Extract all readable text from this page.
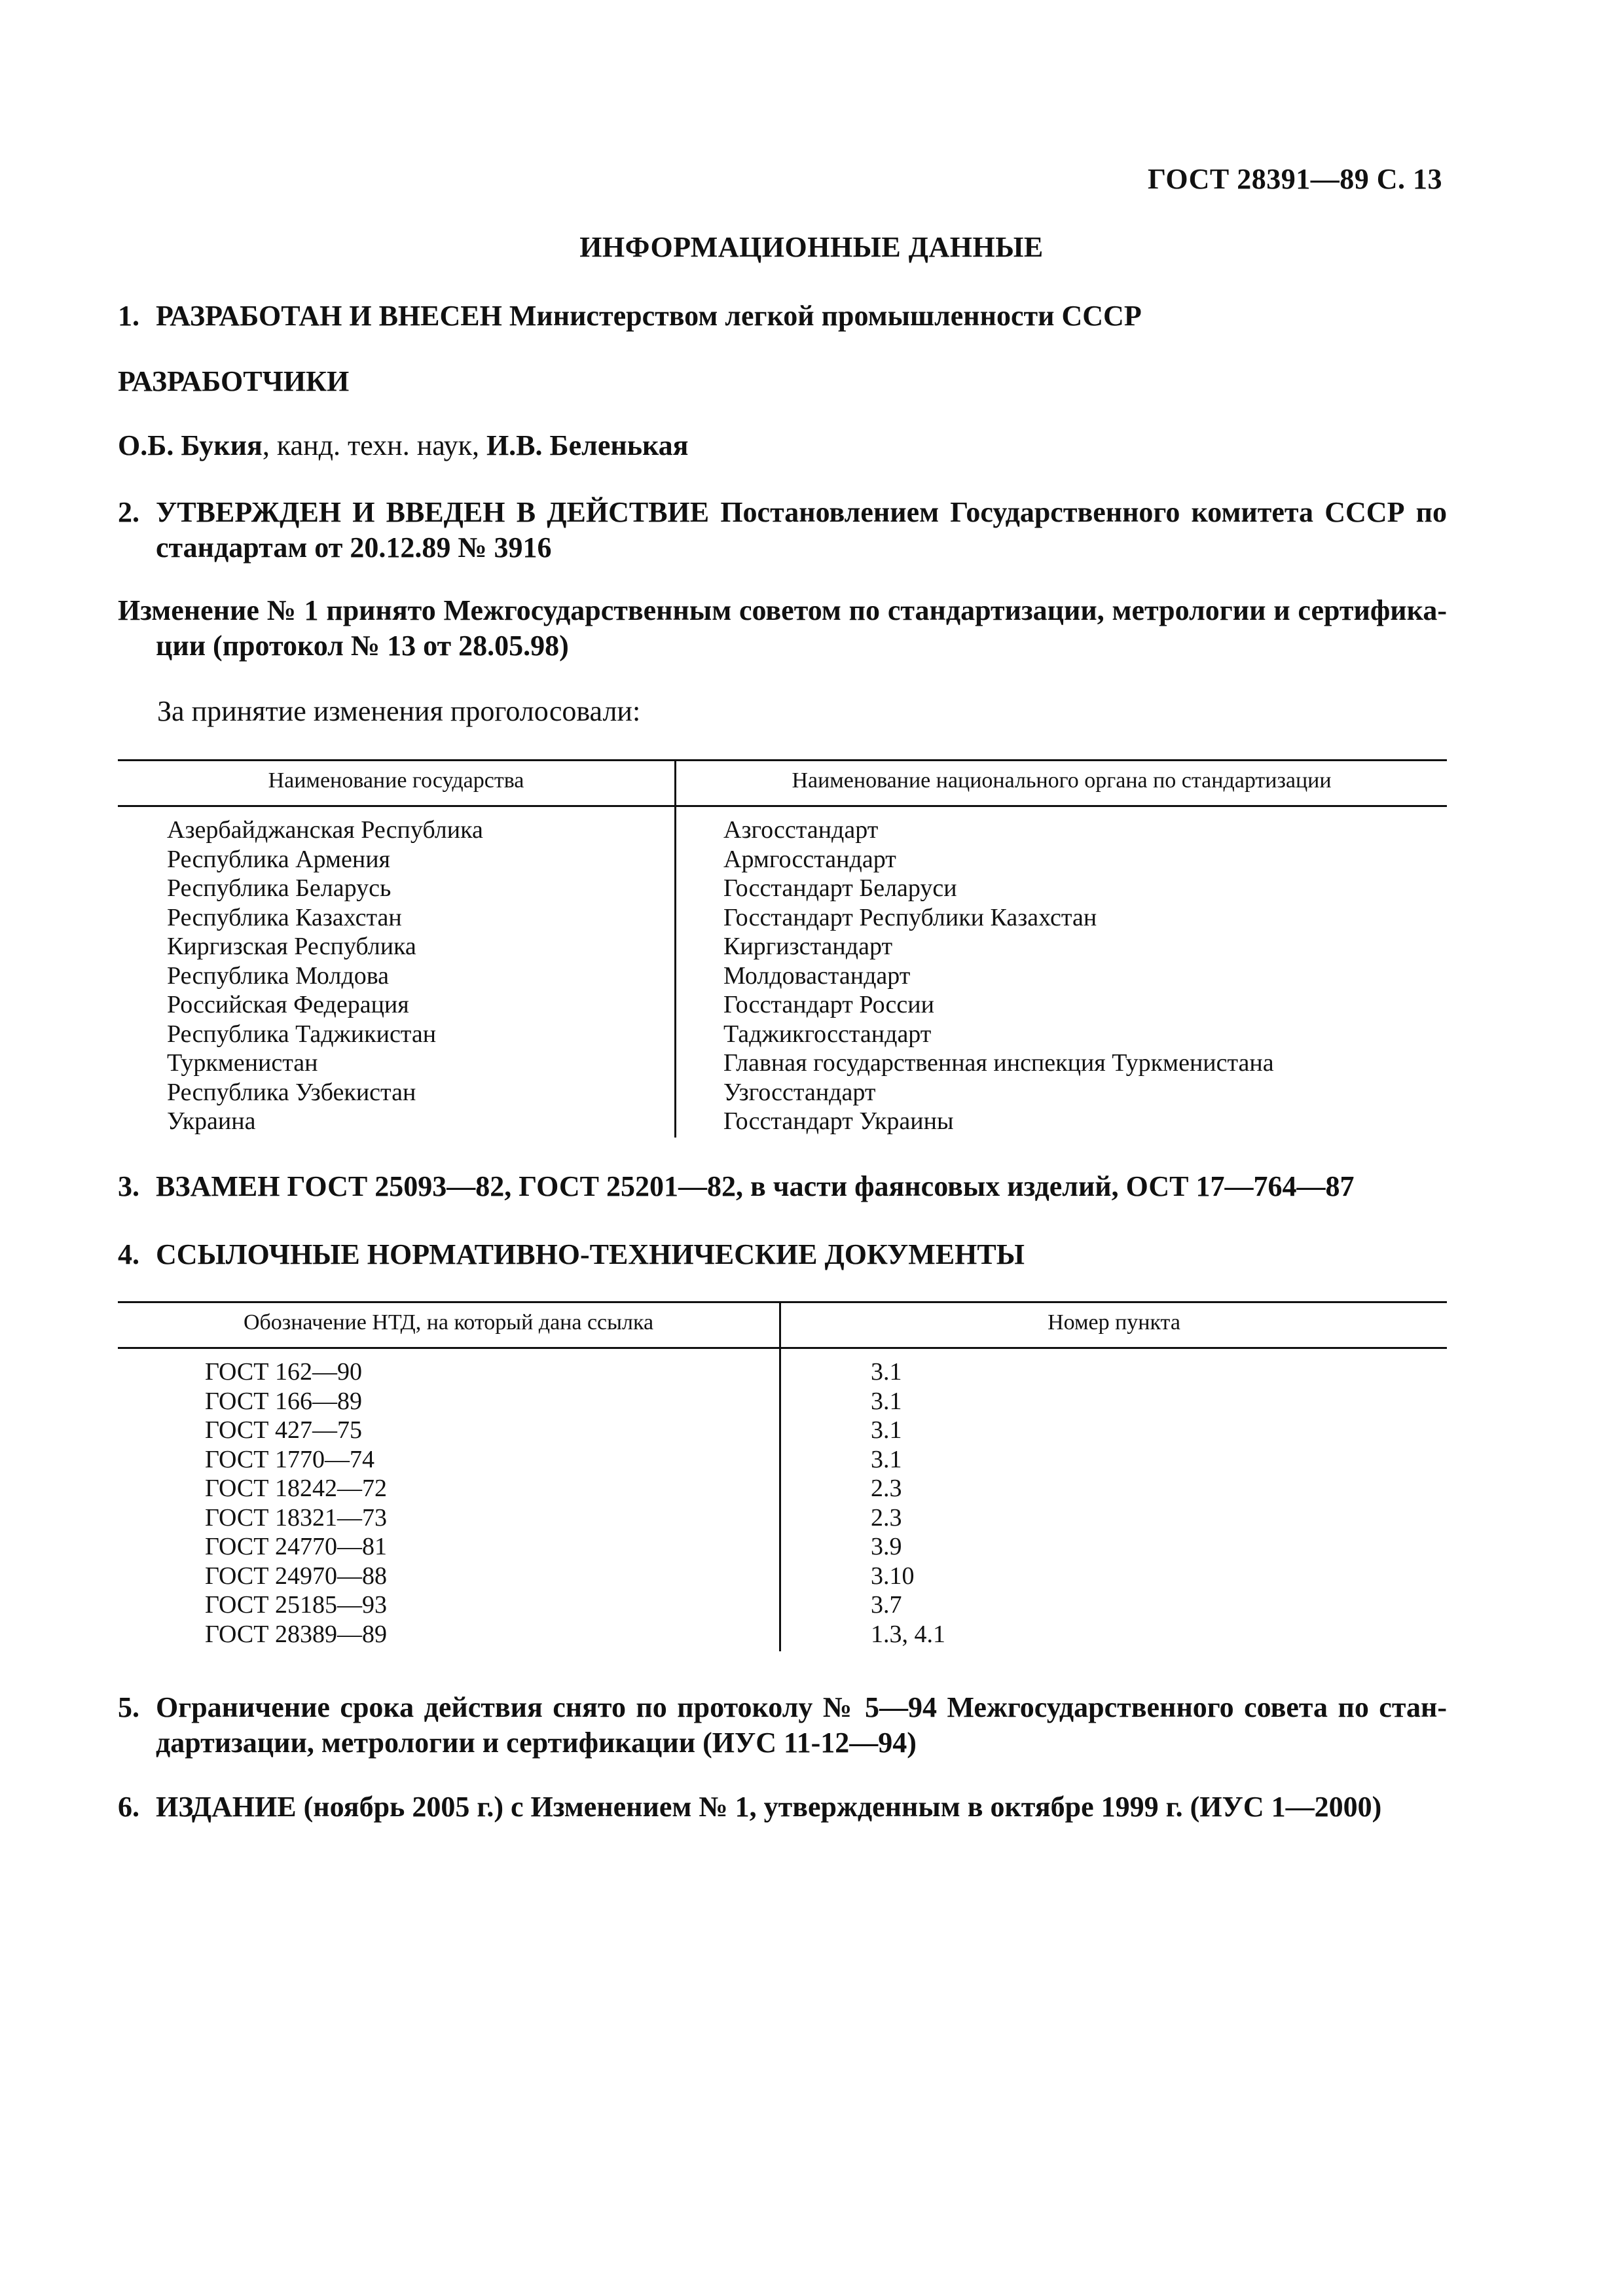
ГОСТ 28391—89 С. 13
ИНФОРМАЦИОННЫЕ ДАННЫЕ
1. РАЗРАБОТАН И ВНЕСЕН Министерством легкой промышленности СССР
РАЗРАБОТЧИКИ
О.Б. Букия, канд. техн. наук, И.В. Беленькая
2. УТВЕРЖДЕН И ВВЕДЕН В ДЕЙСТВИЕ Постановлением Государственного комитета СССР по стандартам от 20.12.89 № 3916
Изменение № 1 принято Межгосударственным советом по стандартизации, метрологии и сертифика-
ции (протокол № 13 от 28.05.98)
За принятие изменения проголосовали:
Наименование государства	Наименование национального органа по стандартизации
Азербайджанская Республика
Республика Армения
Республика Беларусь
Республика Казахстан
Киргизская Республика
Республика Молдова
Российская Федерация
Республика Таджикистан
Туркменистан
Республика Узбекистан
Украина
Азгосстандарт
Армгосстандарт
Госстандарт Беларуси
Госстандарт Республики Казахстан
Киргизстандарт
Молдовастандарт
Госстандарт России
Таджикгосстандарт
Главная государственная инспекция Туркменистана
Узгосстандарт
Госстандарт Украины
3. ВЗАМЕН ГОСТ 25093—82, ГОСТ 25201—82, в части фаянсовых изделий, ОСТ 17—764—87
4. ССЫЛОЧНЫЕ НОРМАТИВНО-ТЕХНИЧЕСКИЕ ДОКУМЕНТЫ
Обозначение НТД, на который дана ссылка	Номер пункта
ГОСТ 162—90
ГОСТ 166—89
ГОСТ 427—75
ГОСТ 1770—74
ГОСТ 18242—72
ГОСТ 18321—73
ГОСТ 24770—81
ГОСТ 24970—88
ГОСТ 25185—93
ГОСТ 28389—89
3.1
3.1
3.1
3.1
2.3
2.3
3.9
3.10
3.7
1.3, 4.1
5. Ограничение срока действия снято по протоколу № 5—94 Межгосударственного совета по стан- дартизации, метрологии и сертификации (ИУС 11-12—94)
6. ИЗДАНИЕ (ноябрь 2005 г.) с Изменением № 1, утвержденным в октябре 1999 г. (ИУС 1—2000)
